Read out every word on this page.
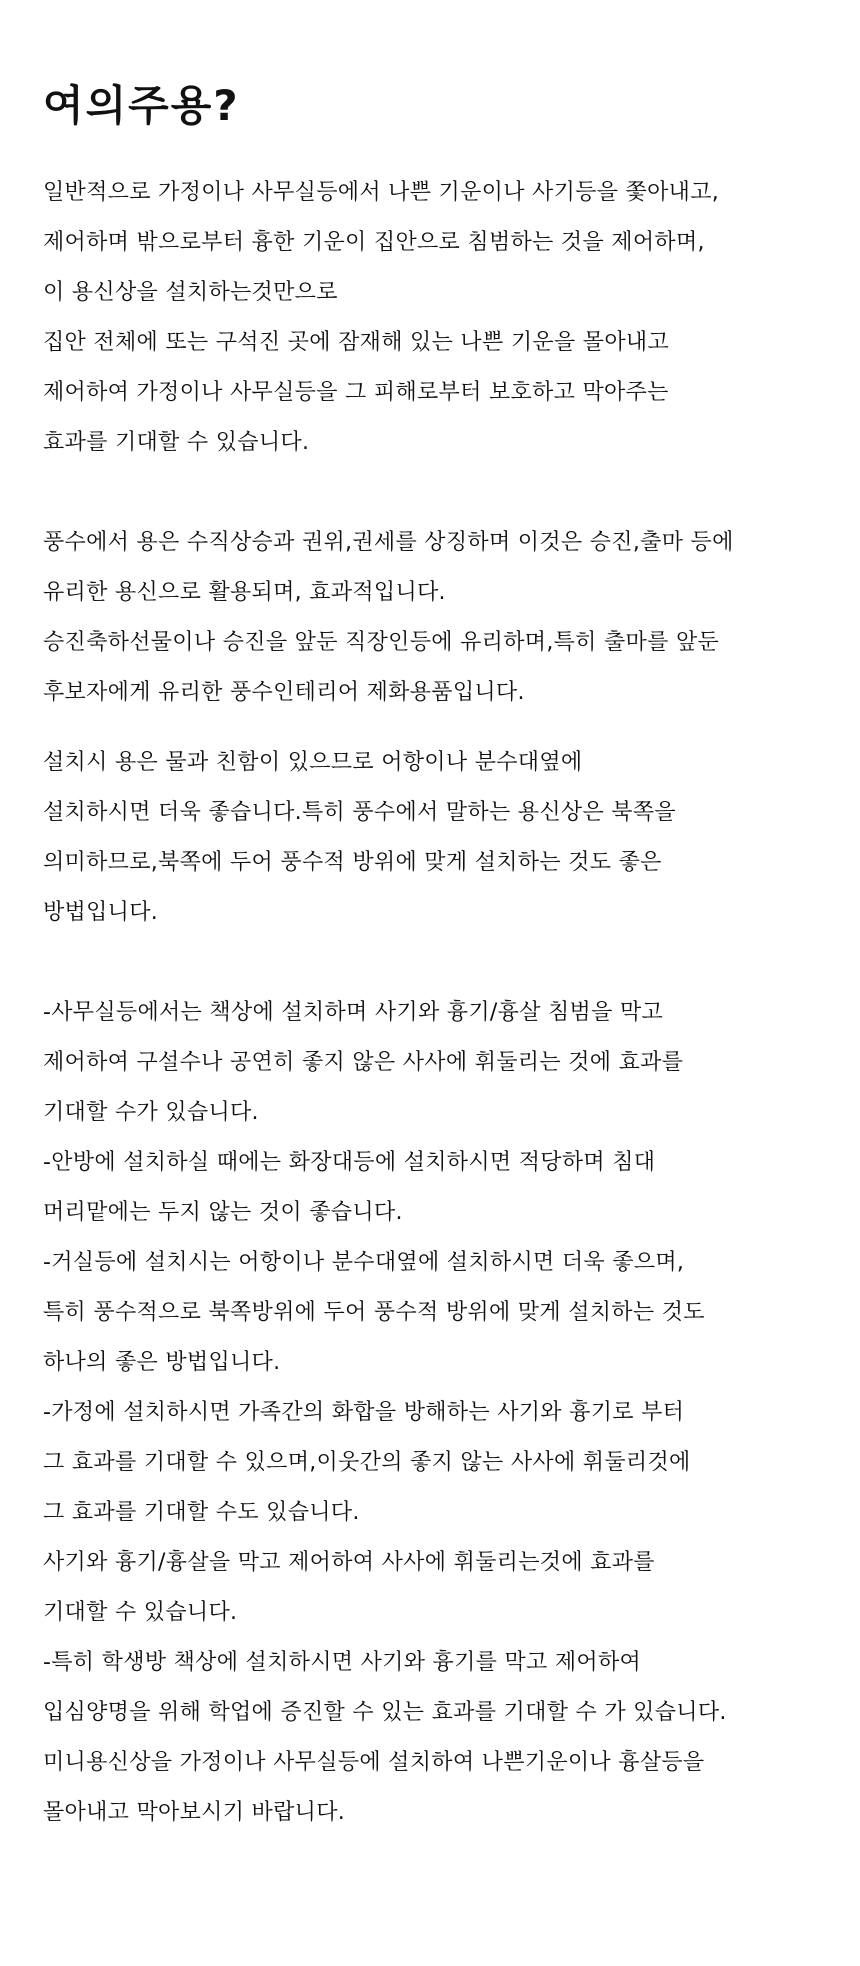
여의주용?
일반적으로 가정이나 사무실등에서 나쁜 기운이나 사기등을 쫓아내고,
제어하며 밖으로부터 흉한 기운이 집안으로 침범하는 것을 제어하며,
이 용신상을 설치하는것만으로
집안 전체에 또는 구석진 곳에 잠재해 있는 나쁜 기운을 몰아내고
제어하여 가정이나 사무실등을 그 피해로부터 보호하고 막아주는
효과를 기대할 수 있습니다.
풍수에서 용은 수직상승과 권위,권세를 상징하며 이것은 승진,출마 등에
유리한 용신으로 활용되며, 효과적입니다.
승진축하선물이나 승진을 앞둔 직장인등에 유리하며,특히 출마를 앞둔
후보자에게 유리한 풍수인테리어 제화용품입니다.
설치시 용은 물과 친함이 있으므로 어항이나 분수대옆에
설치하시면 더욱 좋습니다.특히 풍수에서 말하는 용신상은 북쪽을
의미하므로,북쪽에 두어 풍수적 방위에 맞게 설치하는 것도 좋은
방법입니다.
-사무실등에서는 책상에 설치하며 사기와 흉기/흉살 침범을 막고
제어하여 구설수나 공연히 좋지 않은 사사에 휘둘리는 것에 효과를
기대할 수가 있습니다.
-안방에 설치하실 때에는 화장대등에 설치하시면 적당하며 침대
머리맡에는 두지 않는 것이 좋습니다.
-거실등에 설치시는 어항이나 분수대옆에 설치하시면 더욱 좋으며,
특히 풍수적으로 북쪽방위에 두어 풍수적 방위에 맞게 설치하는 것도
하나의 좋은 방법입니다.
-가정에 설치하시면 가족간의 화합을 방해하는 사기와 흉기로 부터
그 효과를 기대할 수 있으며,이웃간의 좋지 않는 사사에 휘둘리것에
그 효과를 기대할 수도 있습니다.
사기와 흉기/흉살을 막고 제어하여 사사에 휘둘리는것에 효과를
기대할 수 있습니다.
-특히 학생방 책상에 설치하시면 사기와 흉기를 막고 제어하여
입심양명을 위해 학업에 증진할 수 있는 효과를 기대할 수 가 있습니다.
미니용신상을 가정이나 사무실등에 설치하여 나쁜기운이나 흉살등을
몰아내고 막아보시기 바랍니다.
